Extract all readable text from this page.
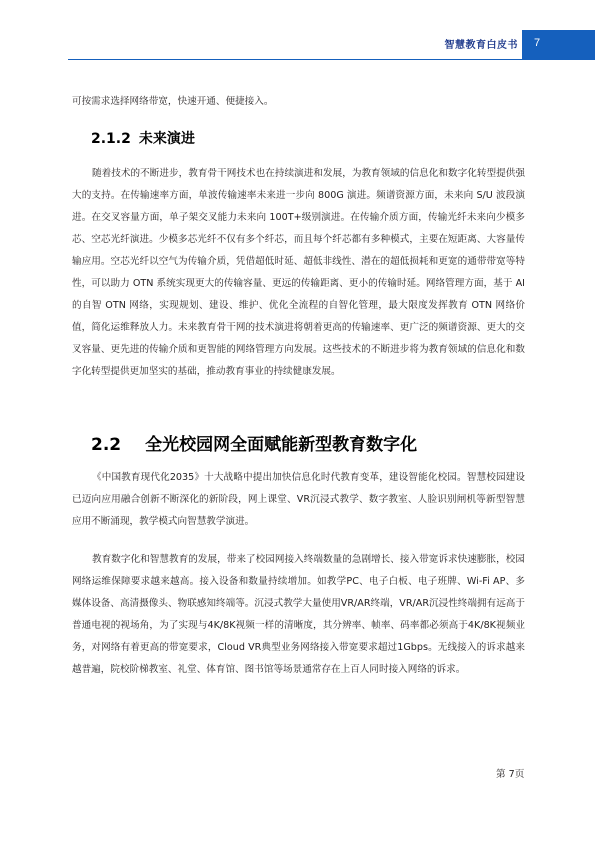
智慧教育白皮书 7

可按需求选择网络带宽，快速开通、便捷接入。

2.1.2 未来演进

随着技术的不断进步，教育骨干网技术也在持续演进和发展，为教育领域的信息化和数字化转型提供强大的支持。在传输速率方面，单波传输速率未来进一步向 800G 演进。频谱资源方面，未来向 S/U 波段演进。在交叉容量方面，单子架交叉能力未来向 100T+级别演进。在传输介质方面，传输光纤未来向少模多芯、空芯光纤演进。少模多芯光纤不仅有多个纤芯，而且每个纤芯都有多种模式，主要在短距离、大容量传输应用。空芯光纤以空气为传输介质，凭借超低时延、超低非线性、潜在的超低损耗和更宽的通带带宽等特性，可以助力 OTN 系统实现更大的传输容量、更远的传输距离、更小的传输时延。网络管理方面，基于 AI 的自智 OTN 网络，实现规划、建设、维护、优化全流程的自智化管理，最大限度发挥教育 OTN 网络价值，简化运维释放人力。未来教育骨干网的技术演进将朝着更高的传输速率、更广泛的频谱资源、更大的交叉容量、更先进的传输介质和更智能的网络管理方向发展。这些技术的不断进步将为教育领域的信息化和数字化转型提供更加坚实的基础，推动教育事业的持续健康发展。

2.2 全光校园网全面赋能新型教育数字化

《中国教育现代化2035》十大战略中提出加快信息化时代教育变革，建设智能化校园。智慧校园建设已迈向应用融合创新不断深化的新阶段，网上课堂、VR沉浸式教学、数字教室、人脸识别闸机等新型智慧应用不断涌现，教学模式向智慧教学演进。

教育数字化和智慧教育的发展，带来了校园网接入终端数量的急剧增长、接入带宽诉求快速膨胀，校园网络运维保障要求越来越高。接入设备和数量持续增加。如教学PC、电子白板、电子班牌、Wi-Fi AP、多媒体设备、高清摄像头、物联感知终端等。沉浸式教学大量使用VR/AR终端，VR/AR沉浸性终端拥有远高于普通电视的视场角，为了实现与4K/8K视频一样的清晰度，其分辨率、帧率、码率都必须高于4K/8K视频业务，对网络有着更高的带宽要求，Cloud VR典型业务网络接入带宽要求超过1Gbps。无线接入的诉求越来越普遍，院校阶梯教室、礼堂、体育馆、图书馆等场景通常存在上百人同时接入网络的诉求。

第 7页
